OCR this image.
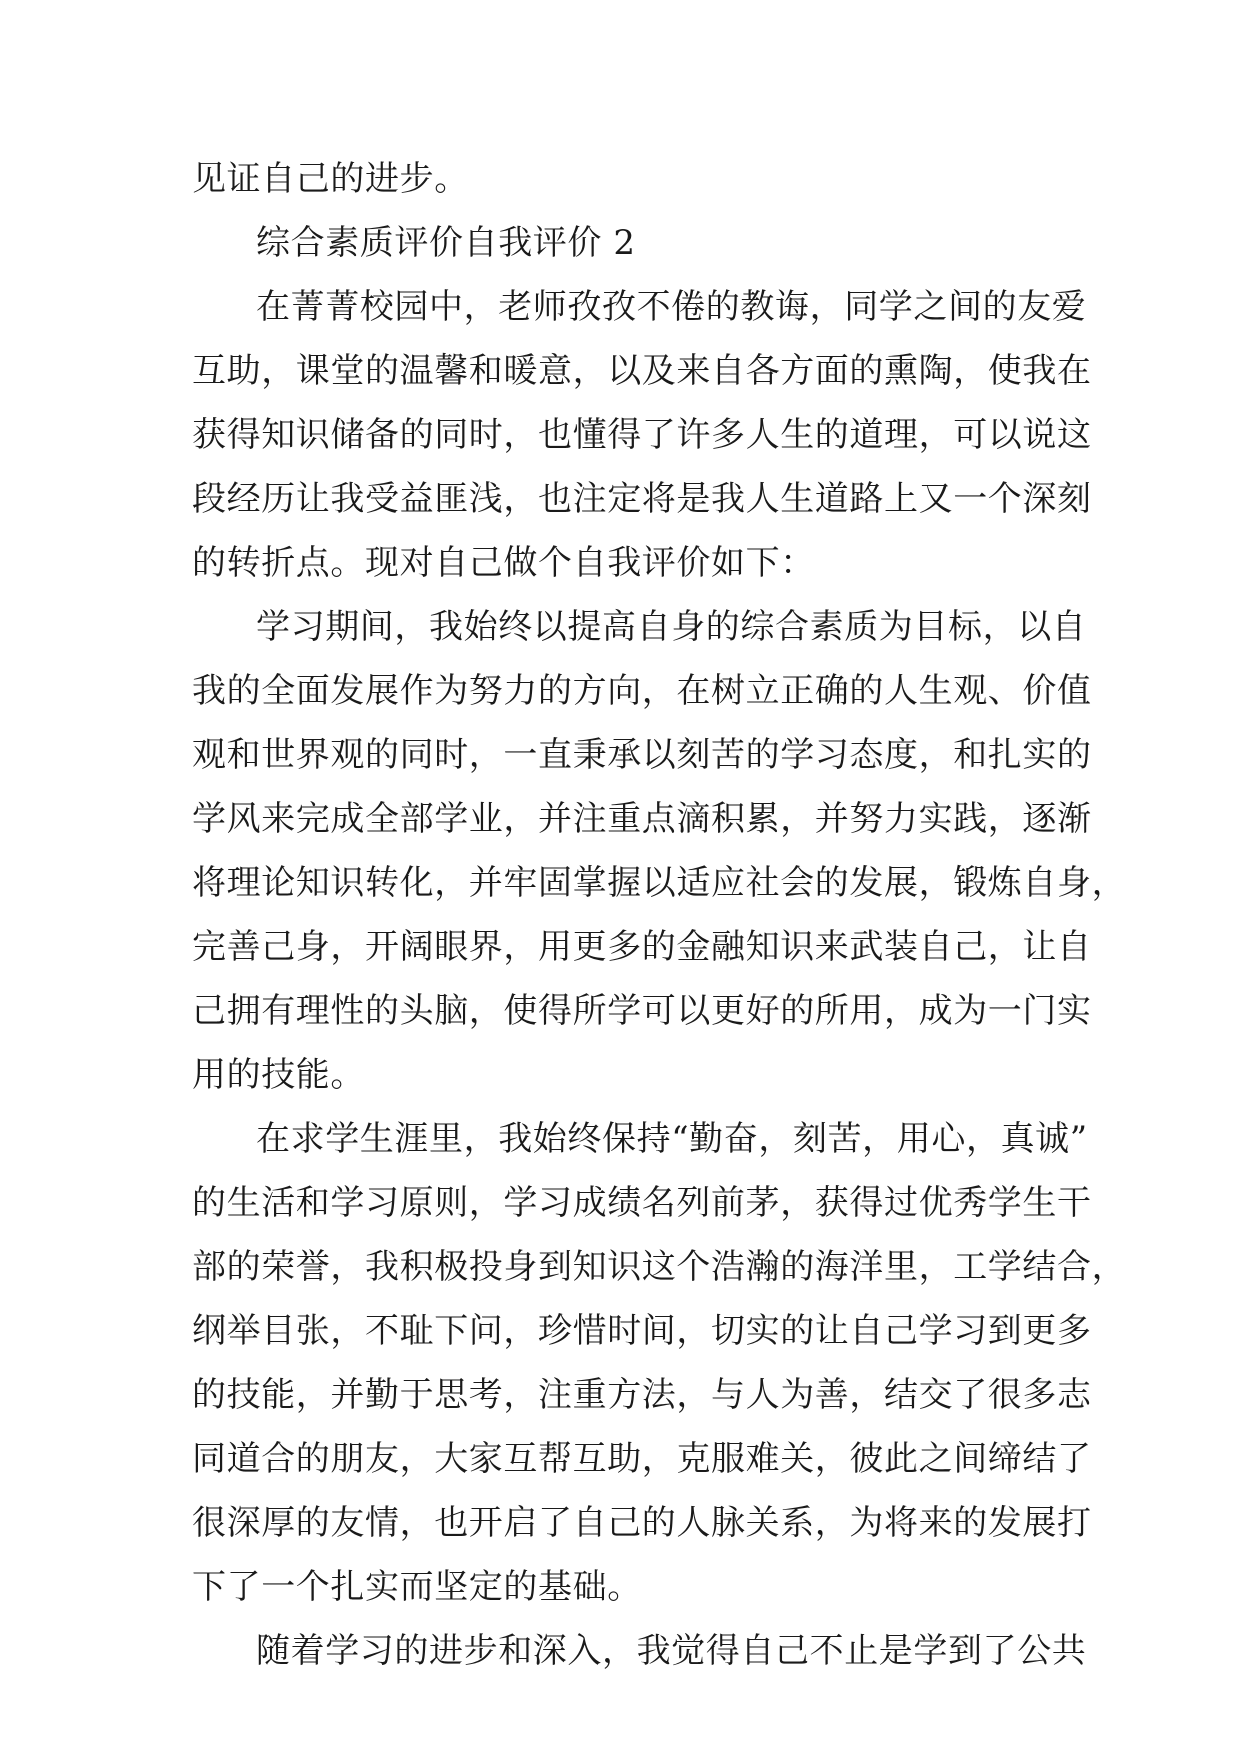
见证自己的进步。
综合素质评价自我评价 2
在菁菁校园中，老师孜孜不倦的教诲，同学之间的友爱
互助，课堂的温馨和暖意，以及来自各方面的熏陶，使我在
获得知识储备的同时，也懂得了许多人生的道理，可以说这
段经历让我受益匪浅，也注定将是我人生道路上又一个深刻
的转折点。现对自己做个自我评价如下：
学习期间，我始终以提高自身的综合素质为目标，以自
我的全面发展作为努力的方向，在树立正确的人生观、价值
观和世界观的同时，一直秉承以刻苦的学习态度，和扎实的
学风来完成全部学业，并注重点滴积累，并努力实践，逐渐
将理论知识转化，并牢固掌握以适应社会的发展，锻炼自身，
完善己身，开阔眼界，用更多的金融知识来武装自己，让自
己拥有理性的头脑，使得所学可以更好的所用，成为一门实
用的技能。
在求学生涯里，我始终保持“勤奋，刻苦，用心，真诚”
的生活和学习原则，学习成绩名列前茅，获得过优秀学生干
部的荣誉，我积极投身到知识这个浩瀚的海洋里，工学结合，
纲举目张，不耻下问，珍惜时间，切实的让自己学习到更多
的技能，并勤于思考，注重方法，与人为善，结交了很多志
同道合的朋友，大家互帮互助，克服难关，彼此之间缔结了
很深厚的友情，也开启了自己的人脉关系，为将来的发展打
下了一个扎实而坚定的基础。
随着学习的进步和深入，我觉得自己不止是学到了公共
